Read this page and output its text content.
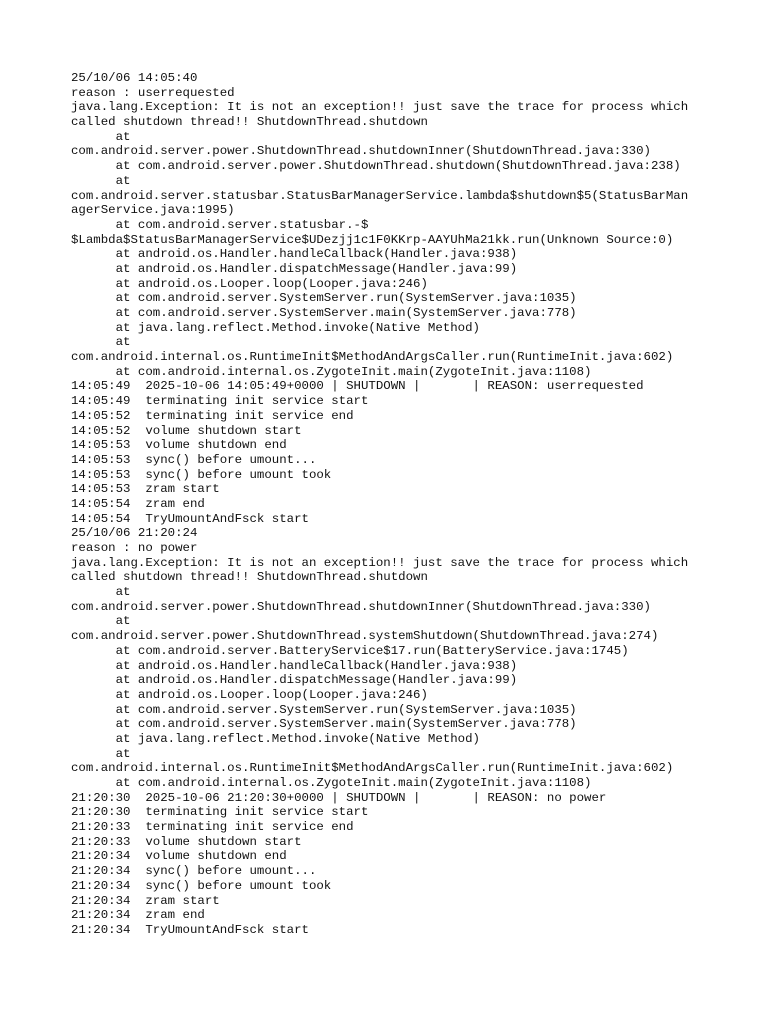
25/10/06 14:05:40
reason : userrequested
java.lang.Exception: It is not an exception!! just save the trace for process which
called shutdown thread!! ShutdownThread.shutdown
at
com.android.server.power.ShutdownThread.shutdownInner(ShutdownThread.java:330)
at com.android.server.power.ShutdownThread.shutdown(ShutdownThread.java:238)
at
com.android.server.statusbar.StatusBarManagerService.lambda$shutdown$5(StatusBarMan
agerService.java:1995)
at com.android.server.statusbar.-$
$Lambda$StatusBarManagerService$UDezjj1c1F0KKrp-AAYUhMa21kk.run(Unknown Source:0)
at android.os.Handler.handleCallback(Handler.java:938)
at android.os.Handler.dispatchMessage(Handler.java:99)
at android.os.Looper.loop(Looper.java:246)
at com.android.server.SystemServer.run(SystemServer.java:1035)
at com.android.server.SystemServer.main(SystemServer.java:778)
at java.lang.reflect.Method.invoke(Native Method)
at
com.android.internal.os.RuntimeInit$MethodAndArgsCaller.run(RuntimeInit.java:602)
at com.android.internal.os.ZygoteInit.main(ZygoteInit.java:1108)
14:05:49  2025-10-06 14:05:49+0000 | SHUTDOWN |       | REASON: userrequested
14:05:49  terminating init service start
14:05:52  terminating init service end
14:05:52  volume shutdown start
14:05:53  volume shutdown end
14:05:53  sync() before umount...
14:05:53  sync() before umount took
14:05:53  zram start
14:05:54  zram end
14:05:54  TryUmountAndFsck start
25/10/06 21:20:24
reason : no power
java.lang.Exception: It is not an exception!! just save the trace for process which
called shutdown thread!! ShutdownThread.shutdown
at
com.android.server.power.ShutdownThread.shutdownInner(ShutdownThread.java:330)
at
com.android.server.power.ShutdownThread.systemShutdown(ShutdownThread.java:274)
at com.android.server.BatteryService$17.run(BatteryService.java:1745)
at android.os.Handler.handleCallback(Handler.java:938)
at android.os.Handler.dispatchMessage(Handler.java:99)
at android.os.Looper.loop(Looper.java:246)
at com.android.server.SystemServer.run(SystemServer.java:1035)
at com.android.server.SystemServer.main(SystemServer.java:778)
at java.lang.reflect.Method.invoke(Native Method)
at
com.android.internal.os.RuntimeInit$MethodAndArgsCaller.run(RuntimeInit.java:602)
at com.android.internal.os.ZygoteInit.main(ZygoteInit.java:1108)
21:20:30  2025-10-06 21:20:30+0000 | SHUTDOWN |       | REASON: no power
21:20:30  terminating init service start
21:20:33  terminating init service end
21:20:33  volume shutdown start
21:20:34  volume shutdown end
21:20:34  sync() before umount...
21:20:34  sync() before umount took
21:20:34  zram start
21:20:34  zram end
21:20:34  TryUmountAndFsck start
